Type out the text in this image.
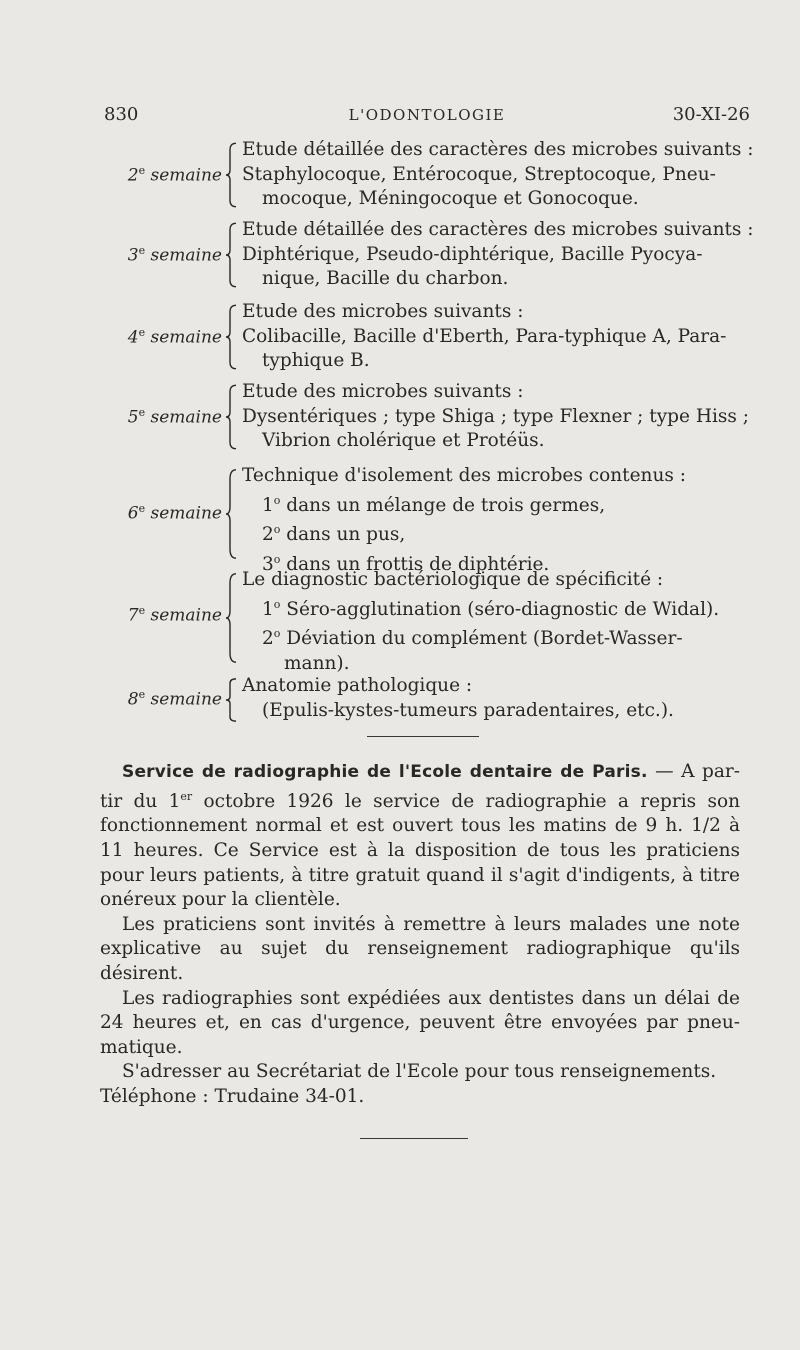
830	L'ODONTOLOGIE	30-XI-26
2e semaine
Etude détaillée des caractères des microbes suivants :
Staphylocoque, Entérocoque, Streptocoque, Pneu-
mocoque, Méningocoque et Gonocoque.
3e semaine
Etude détaillée des caractères des microbes suivants :
Diphtérique, Pseudo-diphtérique, Bacille Pyocya-
nique, Bacille du charbon.
4e semaine
Etude des microbes suivants :
Colibacille, Bacille d'Eberth, Para-typhique A, Para-
typhique B.
5e semaine
Etude des microbes suivants :
Dysentériques ; type Shiga ; type Flexner ; type Hiss ;
Vibrion cholérique et Protéüs.
6e semaine
Technique d'isolement des microbes contenus :
1$^o$ dans un mélange de trois germes,
2$^o$ dans un pus,
3$^o$ dans un frottis de diphtérie.
7e semaine
Le diagnostic bactériologique de spécificité :
1$^o$ Séro-agglutination (séro-diagnostic de Widal).
2$^o$ Déviation du complément (Bordet-Wasser-
mann).
8e semaine
Anatomie pathologique :
(Epulis-kystes-tumeurs paradentaires, etc.).

Service de radiographie de l'Ecole dentaire de Paris. — A par-tir du 1er octobre 1926 le service de radiographie a repris son fonctionnement normal et est ouvert tous les matins de 9 h. 1/2 à 11 heures. Ce Service est à la disposition de tous les praticiens pour leurs patients, à titre gratuit quand il s'agit d'indigents, à titre onéreux pour la clientèle.

Les praticiens sont invités à remettre à leurs malades une note explicative au sujet du renseignement radiographique qu'ils désirent.

Les radiographies sont expédiées aux dentistes dans un délai de 24 heures et, en cas d'urgence, peuvent être envoyées par pneu-matique.

S'adresser au Secrétariat de l'Ecole pour tous renseignements.

Téléphone : Trudaine 34-01.
